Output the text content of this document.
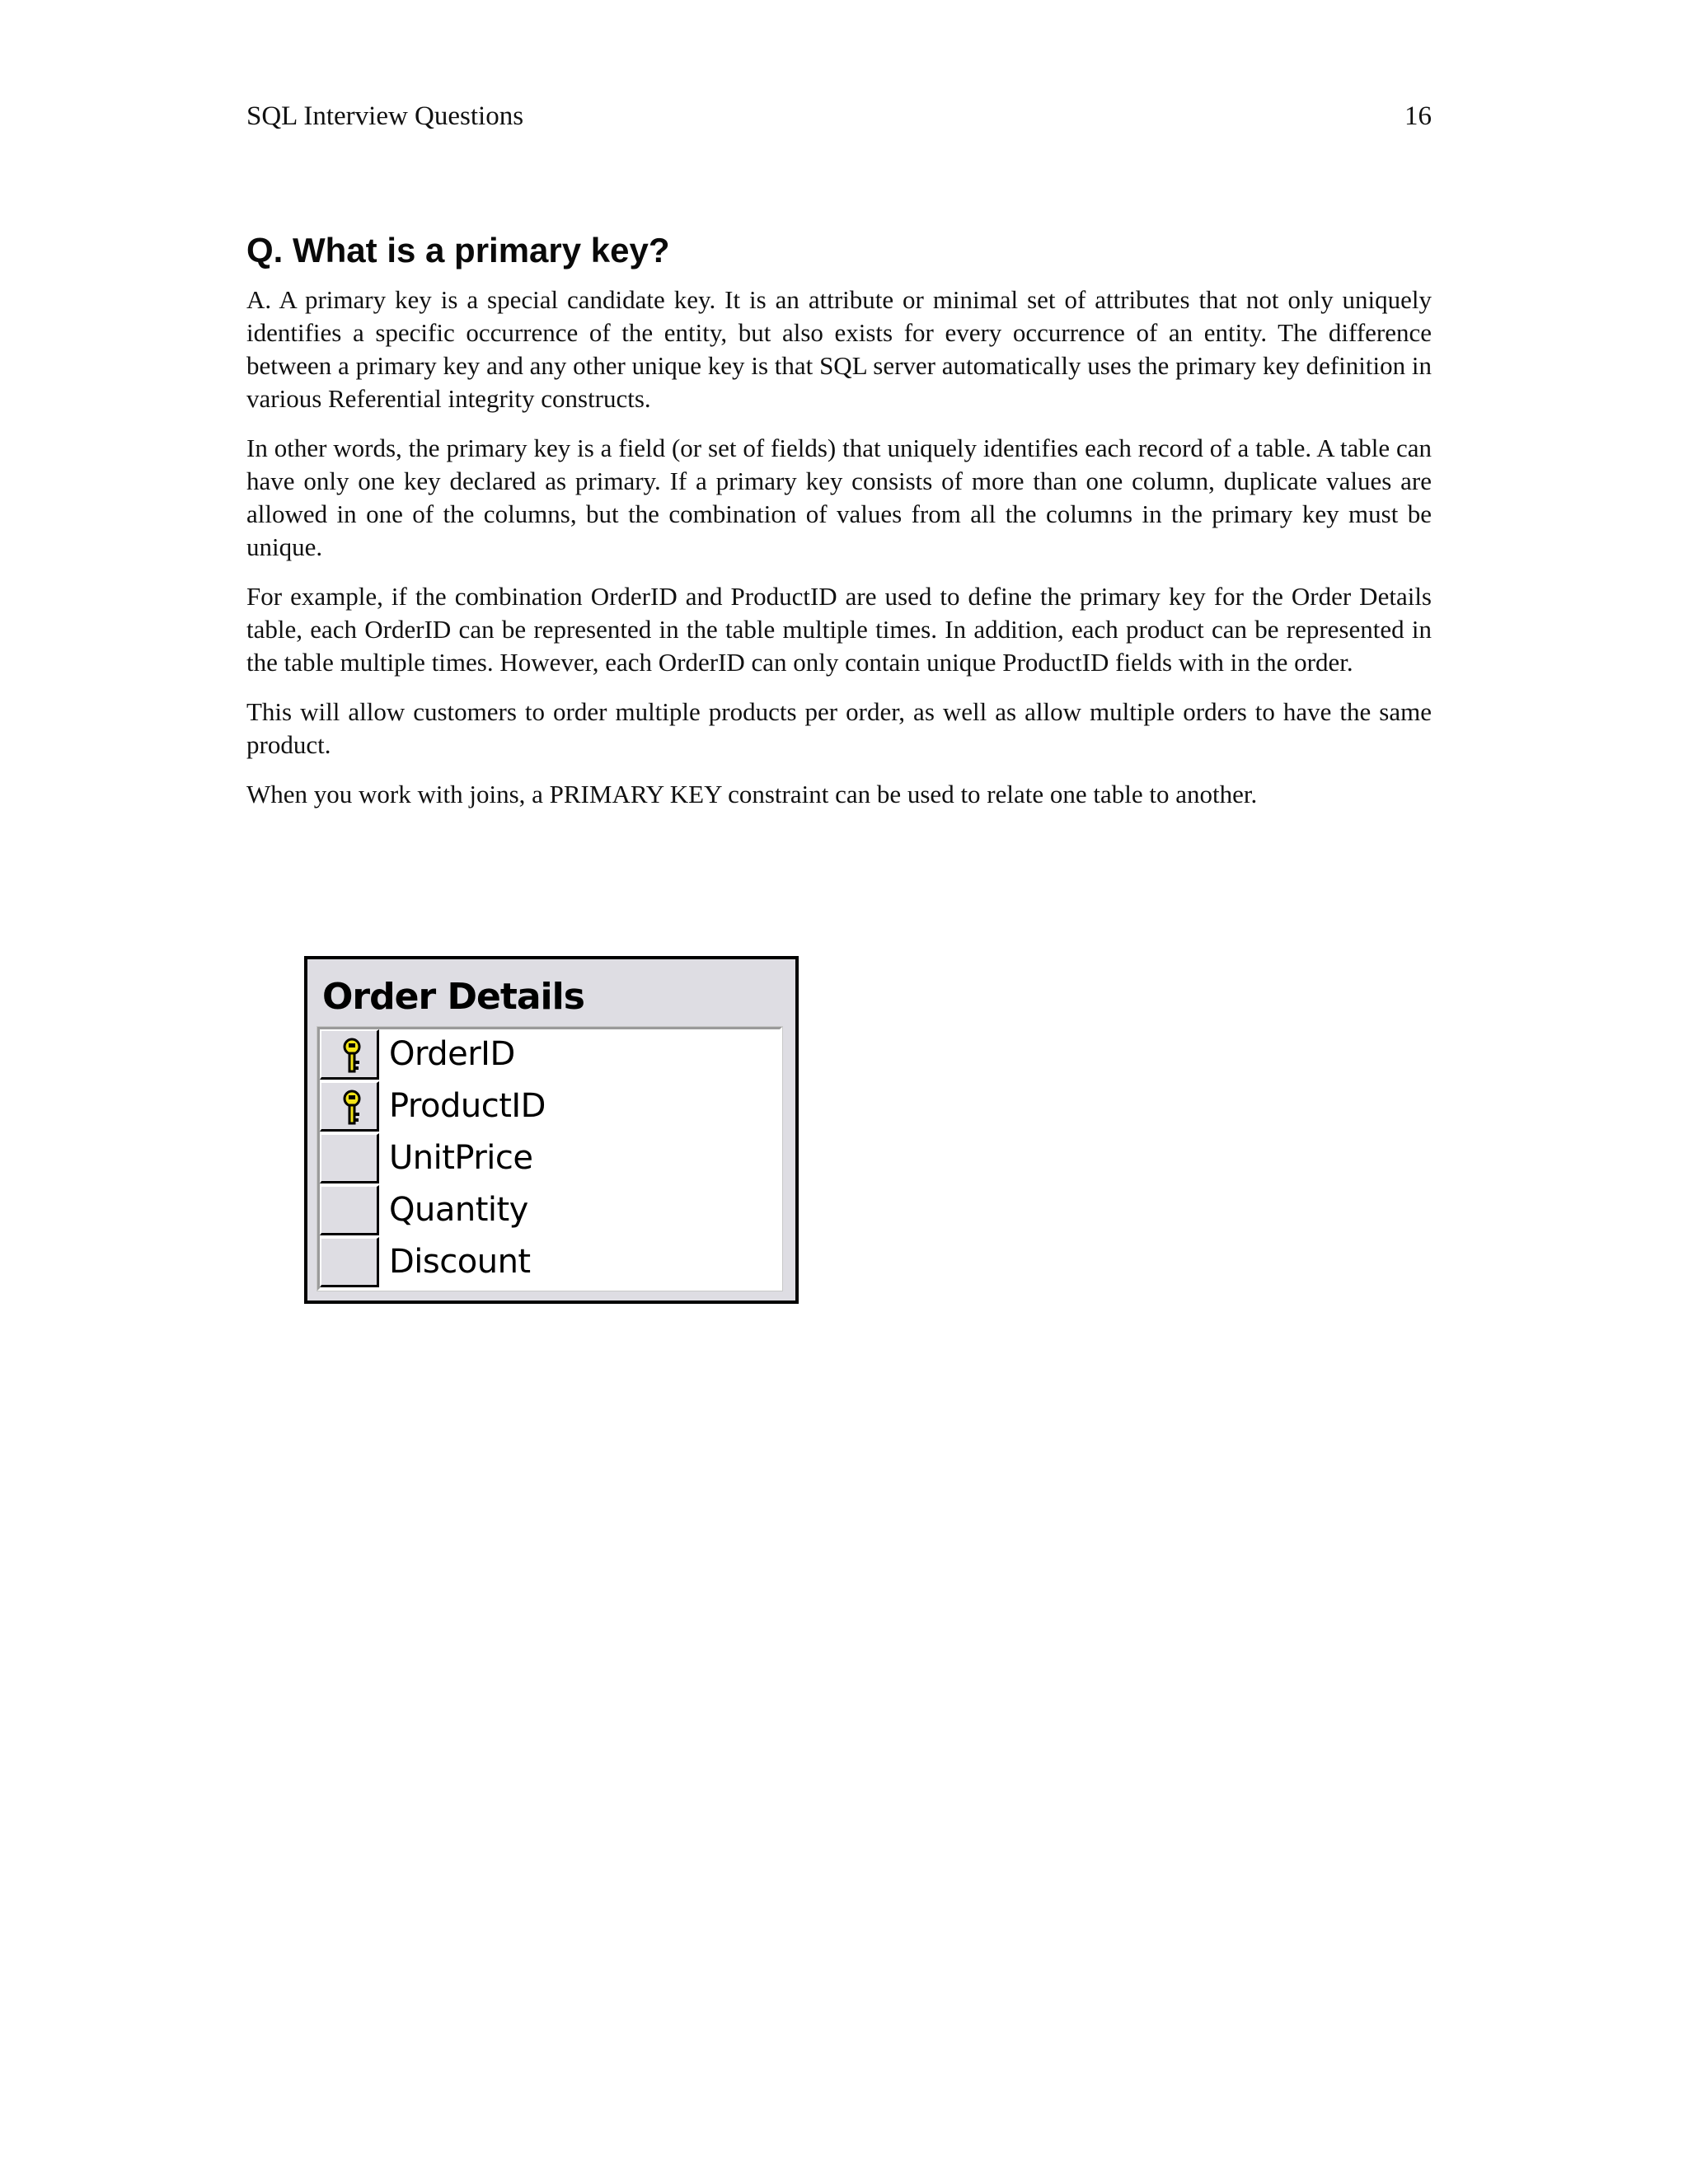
SQL Interview Questions	16
Q. What is a primary key?

A. A primary key is a special candidate key. It is an attribute or minimal set of attributes that not only uniquely identifies a specific occurrence of the entity, but also exists for every occurrence of an entity. The difference between a primary key and any other unique key is that SQL server automatically uses the primary key definition in various Referential integrity constructs.

In other words, the primary key is a field (or set of fields) that uniquely identifies each record of a table. A table can have only one key declared as primary. If a primary key consists of more than one column, duplicate values are allowed in one of the columns, but the combination of values from all the columns in the primary key must be unique.

For example, if the combination OrderID and ProductID are used to define the primary key for the Order Details table, each OrderID can be represented in the table multiple times. In addition, each product can be represented in the table multiple times. However, each OrderID can only contain unique ProductID fields with in the order.

This will allow customers to order multiple products per order, as well as allow multiple orders to have the same product.

When you work with joins, a PRIMARY KEY constraint can be used to relate one table to another.

Order Details
OrderID
ProductID
UnitPrice
Quantity
Discount
